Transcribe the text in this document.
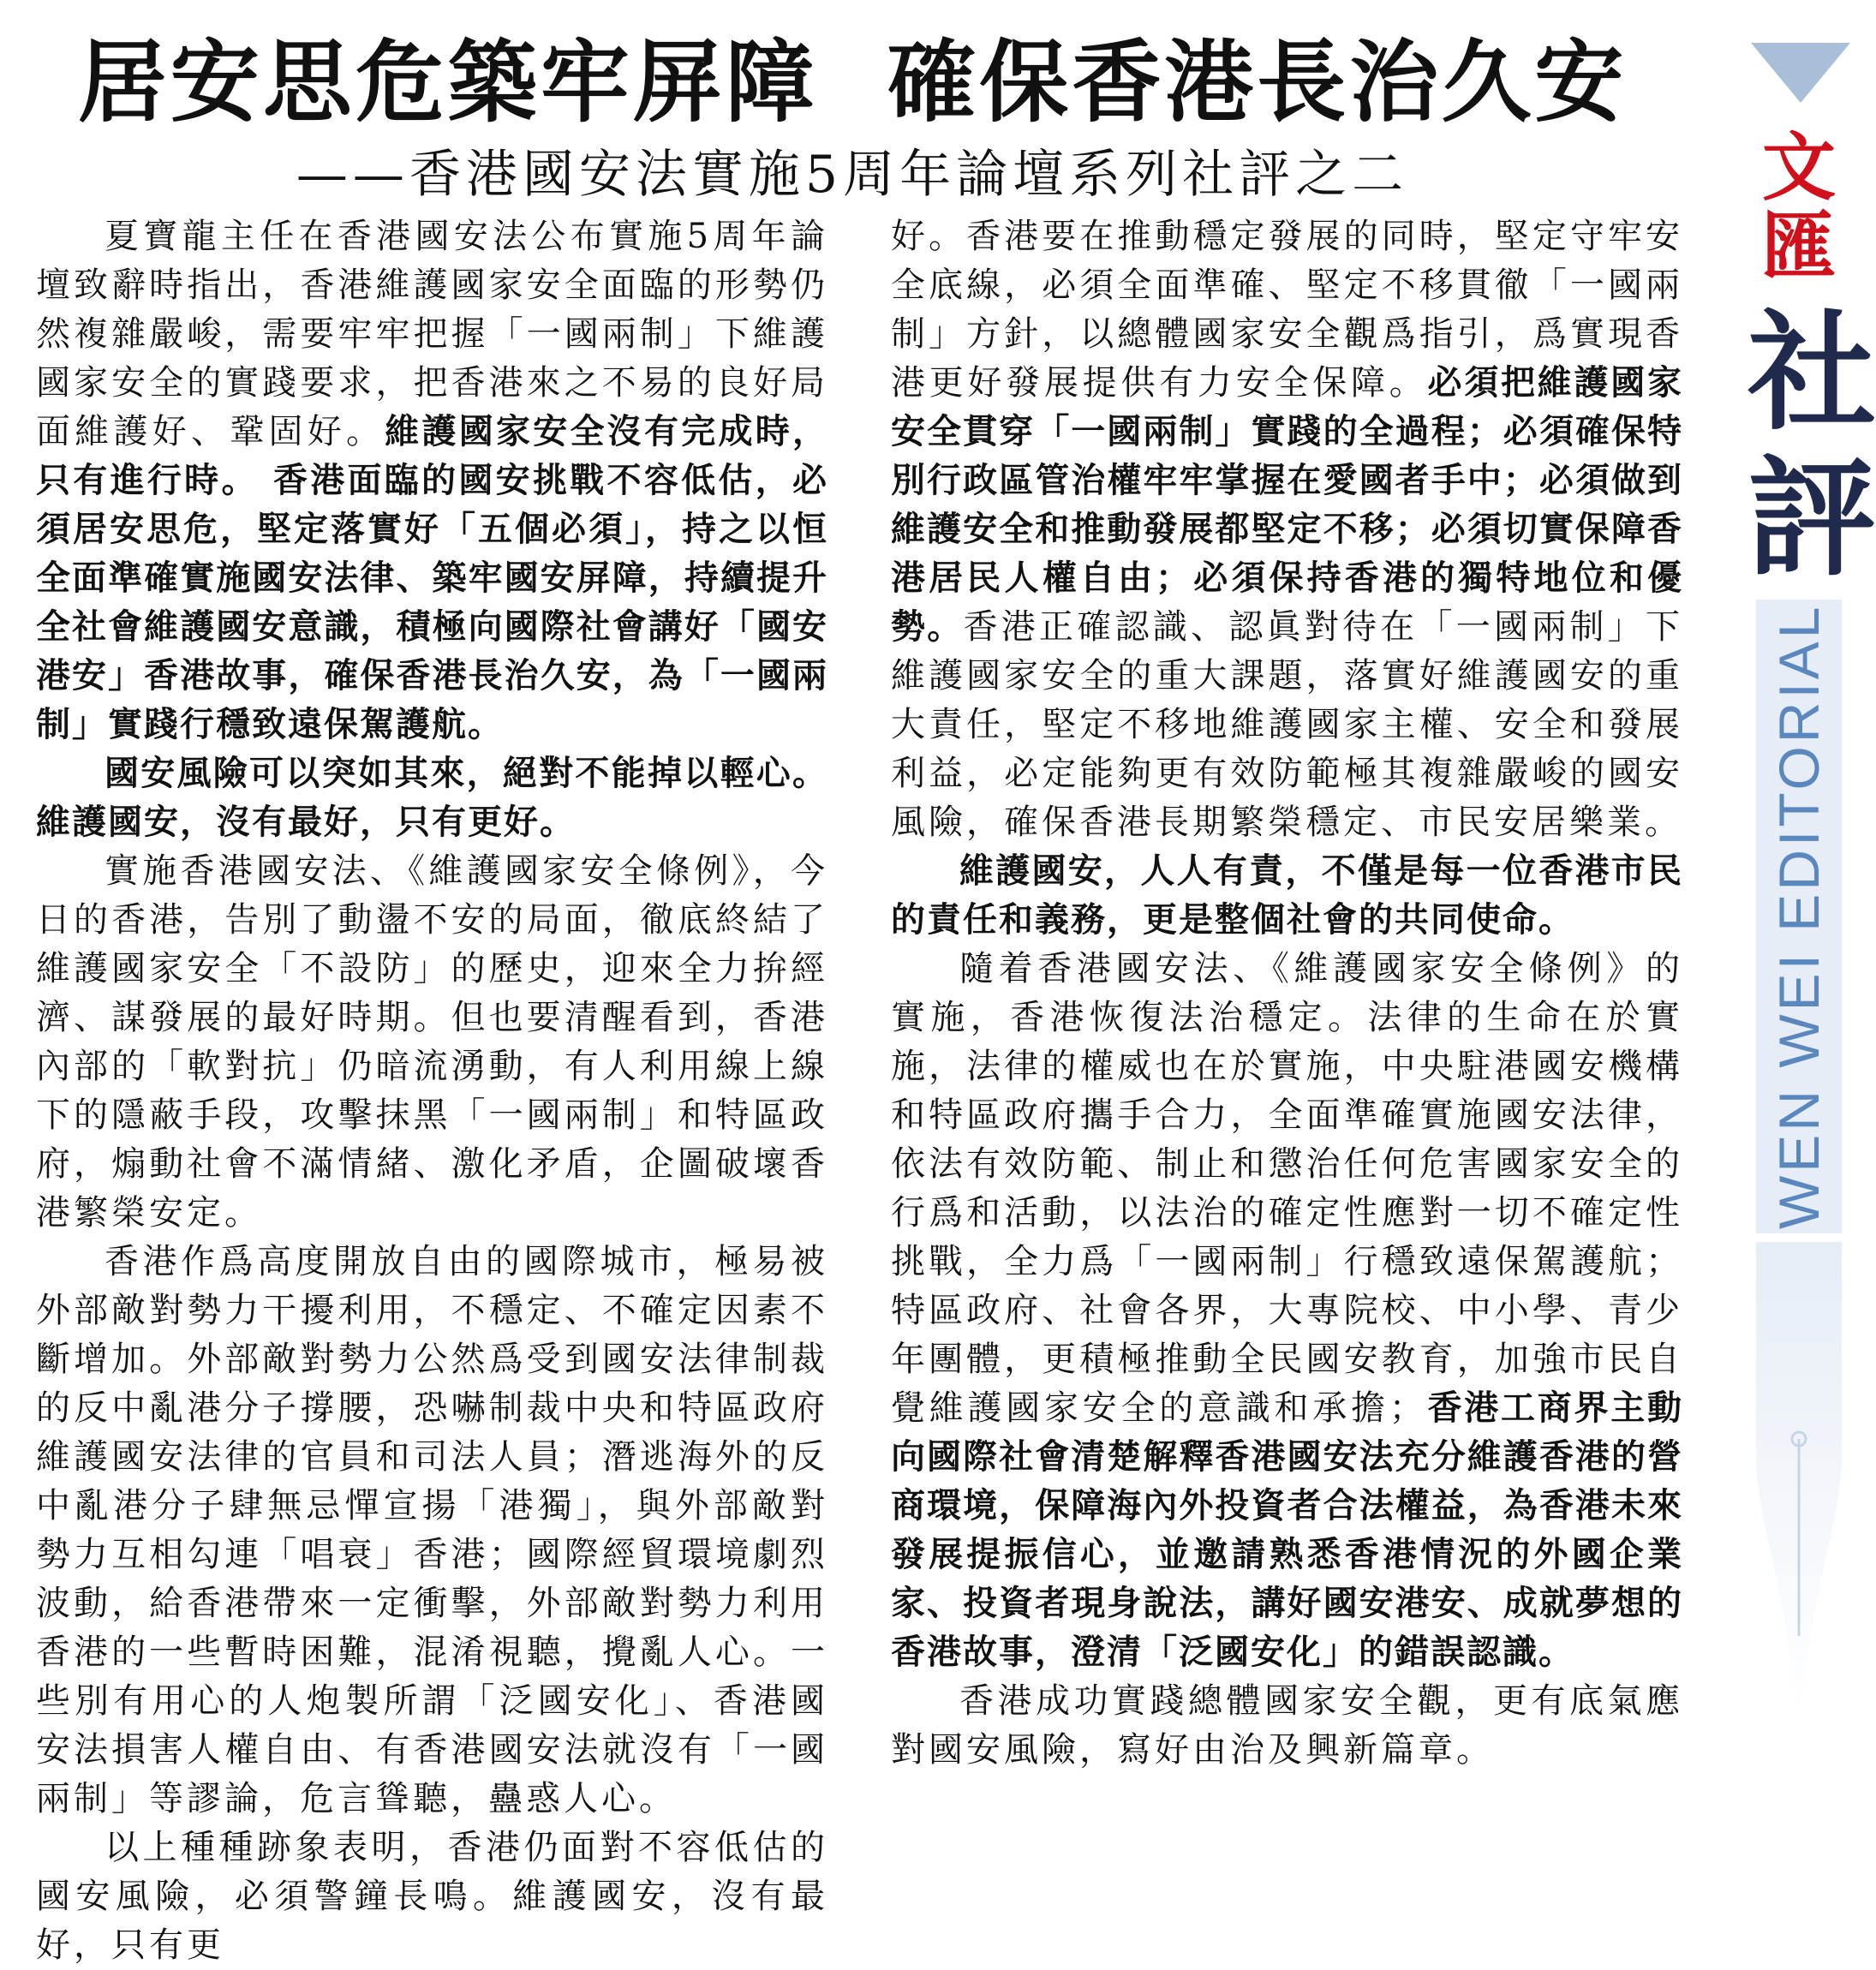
居安思危築牢屏障  確保香港長治久安
——香港國安法實施5周年論壇系列社評之二

夏寶龍主任在香港國安法公布實施5周年論壇致辭時指出，香港維護國家安全面臨的形勢仍然複雜嚴峻，需要牢牢把握「一國兩制」下維護國家安全的實踐要求，把香港來之不易的良好局面維護好、鞏固好。維護國家安全沒有完成時，只有進行時。 香港面臨的國安挑戰不容低估，必須居安思危，堅定落實好「五個必須」，持之以恒全面準確實施國安法律、築牢國安屏障，持續提升全社會維護國安意識，積極向國際社會講好「國安港安」香港故事，確保香港長治久安，為「一國兩制」實踐行穩致遠保駕護航。

國安風險可以突如其來，絕對不能掉以輕心。維護國安，沒有最好，只有更好。

實施香港國安法、《維護國家安全條例》，今日的香港，告別了動盪不安的局面，徹底終結了維護國家安全「不設防」的歷史，迎來全力拚經濟、謀發展的最好時期。但也要清醒看到，香港內部的「軟對抗」仍暗流湧動，有人利用線上線下的隱蔽手段，攻擊抹黑「一國兩制」和特區政府，煽動社會不滿情緒、激化矛盾，企圖破壞香港繁榮安定。

香港作爲高度開放自由的國際城市，極易被外部敵對勢力干擾利用，不穩定、不確定因素不斷增加。外部敵對勢力公然爲受到國安法律制裁的反中亂港分子撐腰，恐嚇制裁中央和特區政府維護國安法律的官員和司法人員；潛逃海外的反中亂港分子肆無忌憚宣揚「港獨」，與外部敵對勢力互相勾連「唱衰」香港；國際經貿環境劇烈波動，給香港帶來一定衝擊，外部敵對勢力利用香港的一些暫時困難，混淆視聽，攪亂人心。一些別有用心的人炮製所謂「泛國安化」、香港國安法損害人權自由、有香港國安法就沒有「一國兩制」等謬論，危言聳聽，蠱惑人心。

以上種種跡象表明，香港仍面對不容低估的國安風險，必須警鐘長鳴。維護國安，沒有最好，只有更

好。香港要在推動穩定發展的同時，堅定守牢安全底線，必須全面準確、堅定不移貫徹「一國兩制」方針，以總體國家安全觀爲指引，爲實現香港更好發展提供有力安全保障。必須把維護國家安全貫穿「一國兩制」實踐的全過程；必須確保特別行政區管治權牢牢掌握在愛國者手中；必須做到維護安全和推動發展都堅定不移；必須切實保障香港居民人權自由；必須保持香港的獨特地位和優勢。香港正確認識、認眞對待在「一國兩制」下維護國家安全的重大課題，落實好維護國安的重大責任，堅定不移地維護國家主權、安全和發展利益，必定能夠更有效防範極其複雜嚴峻的國安風險，確保香港長期繁榮穩定、市民安居樂業。

維護國安，人人有責，不僅是每一位香港市民的責任和義務，更是整個社會的共同使命。

隨着香港國安法、《維護國家安全條例》的實施，香港恢復法治穩定。法律的生命在於實施，法律的權威也在於實施，中央駐港國安機構和特區政府攜手合力，全面準確實施國安法律，依法有效防範、制止和懲治任何危害國家安全的行爲和活動，以法治的確定性應對一切不確定性挑戰，全力爲「一國兩制」行穩致遠保駕護航；特區政府、社會各界，大專院校、中小學、青少年團體，更積極推動全民國安教育，加強市民自覺維護國家安全的意識和承擔；香港工商界主動向國際社會清楚解釋香港國安法充分維護香港的營商環境，保障海內外投資者合法權益，為香港未來發展提振信心，並邀請熟悉香港情況的外國企業家、投資者現身說法，講好國安港安、成就夢想的香港故事，澄清「泛國安化」的錯誤認識。

香港成功實踐總體國家安全觀，更有底氣應對國安風險，寫好由治及興新篇章。

文
匯
社
評
WEN WEI EDITORIAL
